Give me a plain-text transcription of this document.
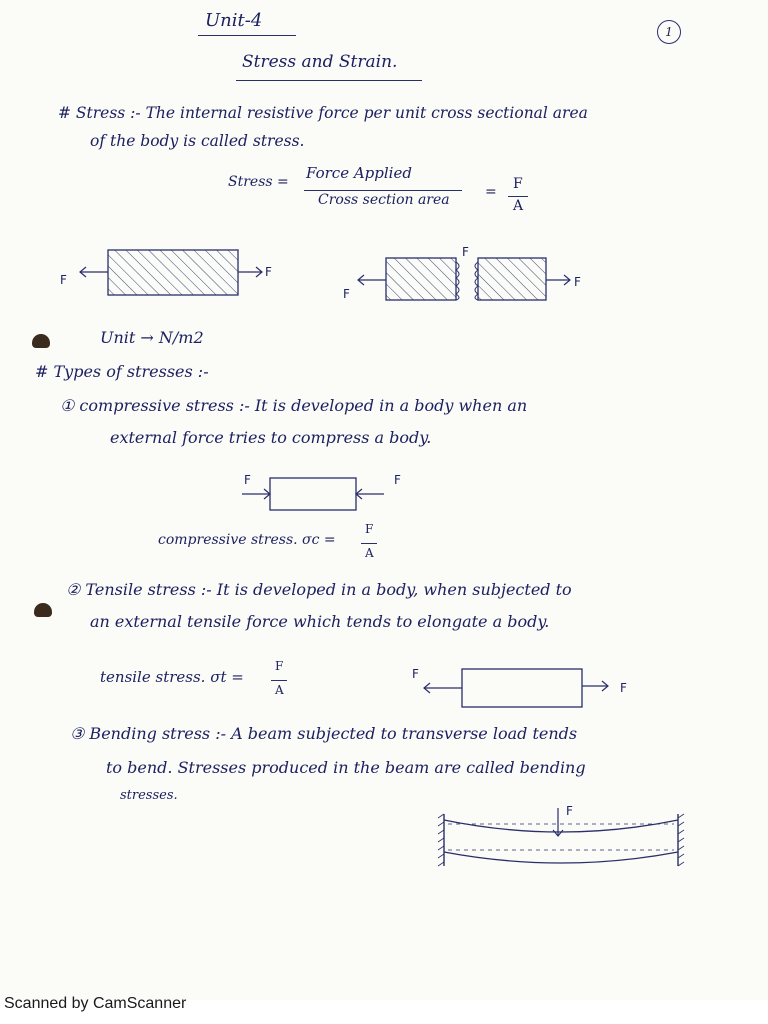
Unit-4
1
Stress and Strain.
# Stress :- The internal resistive force per unit cross sectional area
of the body is called stress.
Stress = Force Applied
Cross section area	= F
A
Unit → N/m2
# Types of stresses :-
① compressive stress :- It is developed in a body when an
external force tries to compress a body.
compressive stress. σc =
F
A
② Tensile stress :- It is developed in a body, when subjected to
an external tensile force which tends to elongate a body.
tensile stress. σt =
F
A
③ Bending stress :- A beam subjected to transverse load tends
to bend. Stresses produced in the beam are called bending
stresses.
F
F
F
F
F
F	F
F
F
F
Scanned by CamScanner
